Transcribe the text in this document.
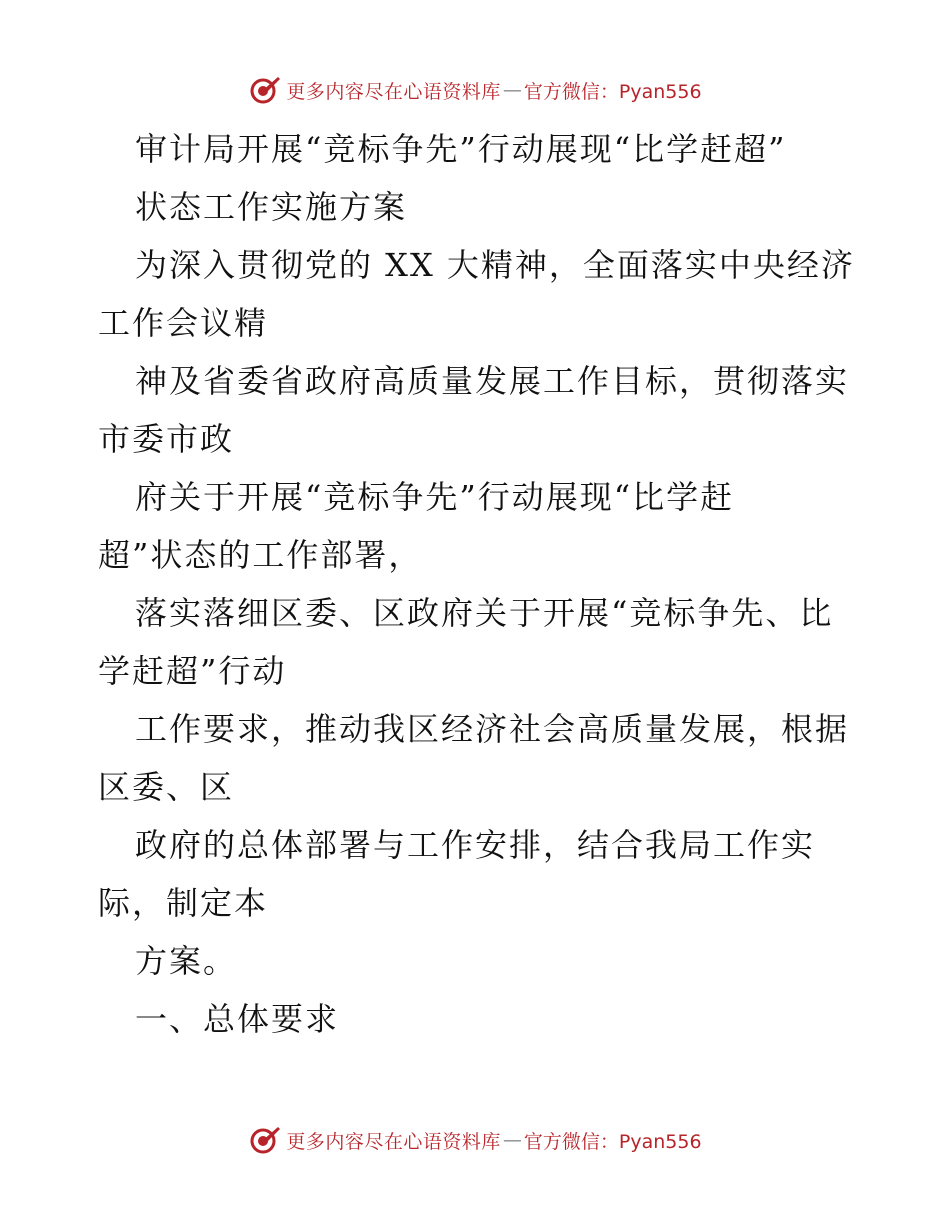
更多内容尽在心语资料库 — 官方微信：Pyan556
审计局开展“竞标争先”行动展现“比学赶超”
状态工作实施方案
为深入贯彻党的 XX 大精神，全面落实中央经济
工作会议精
神及省委省政府高质量发展工作目标，贯彻落实
市委市政
府关于开展“竞标争先”行动展现“比学赶
超”状态的工作部署，
落实落细区委、区政府关于开展“竞标争先、比
学赶超”行动
工作要求，推动我区经济社会高质量发展，根据
区委、区
政府的总体部署与工作安排，结合我局工作实
际，制定本
方案。
一、总体要求
更多内容尽在心语资料库 — 官方微信：Pyan556
